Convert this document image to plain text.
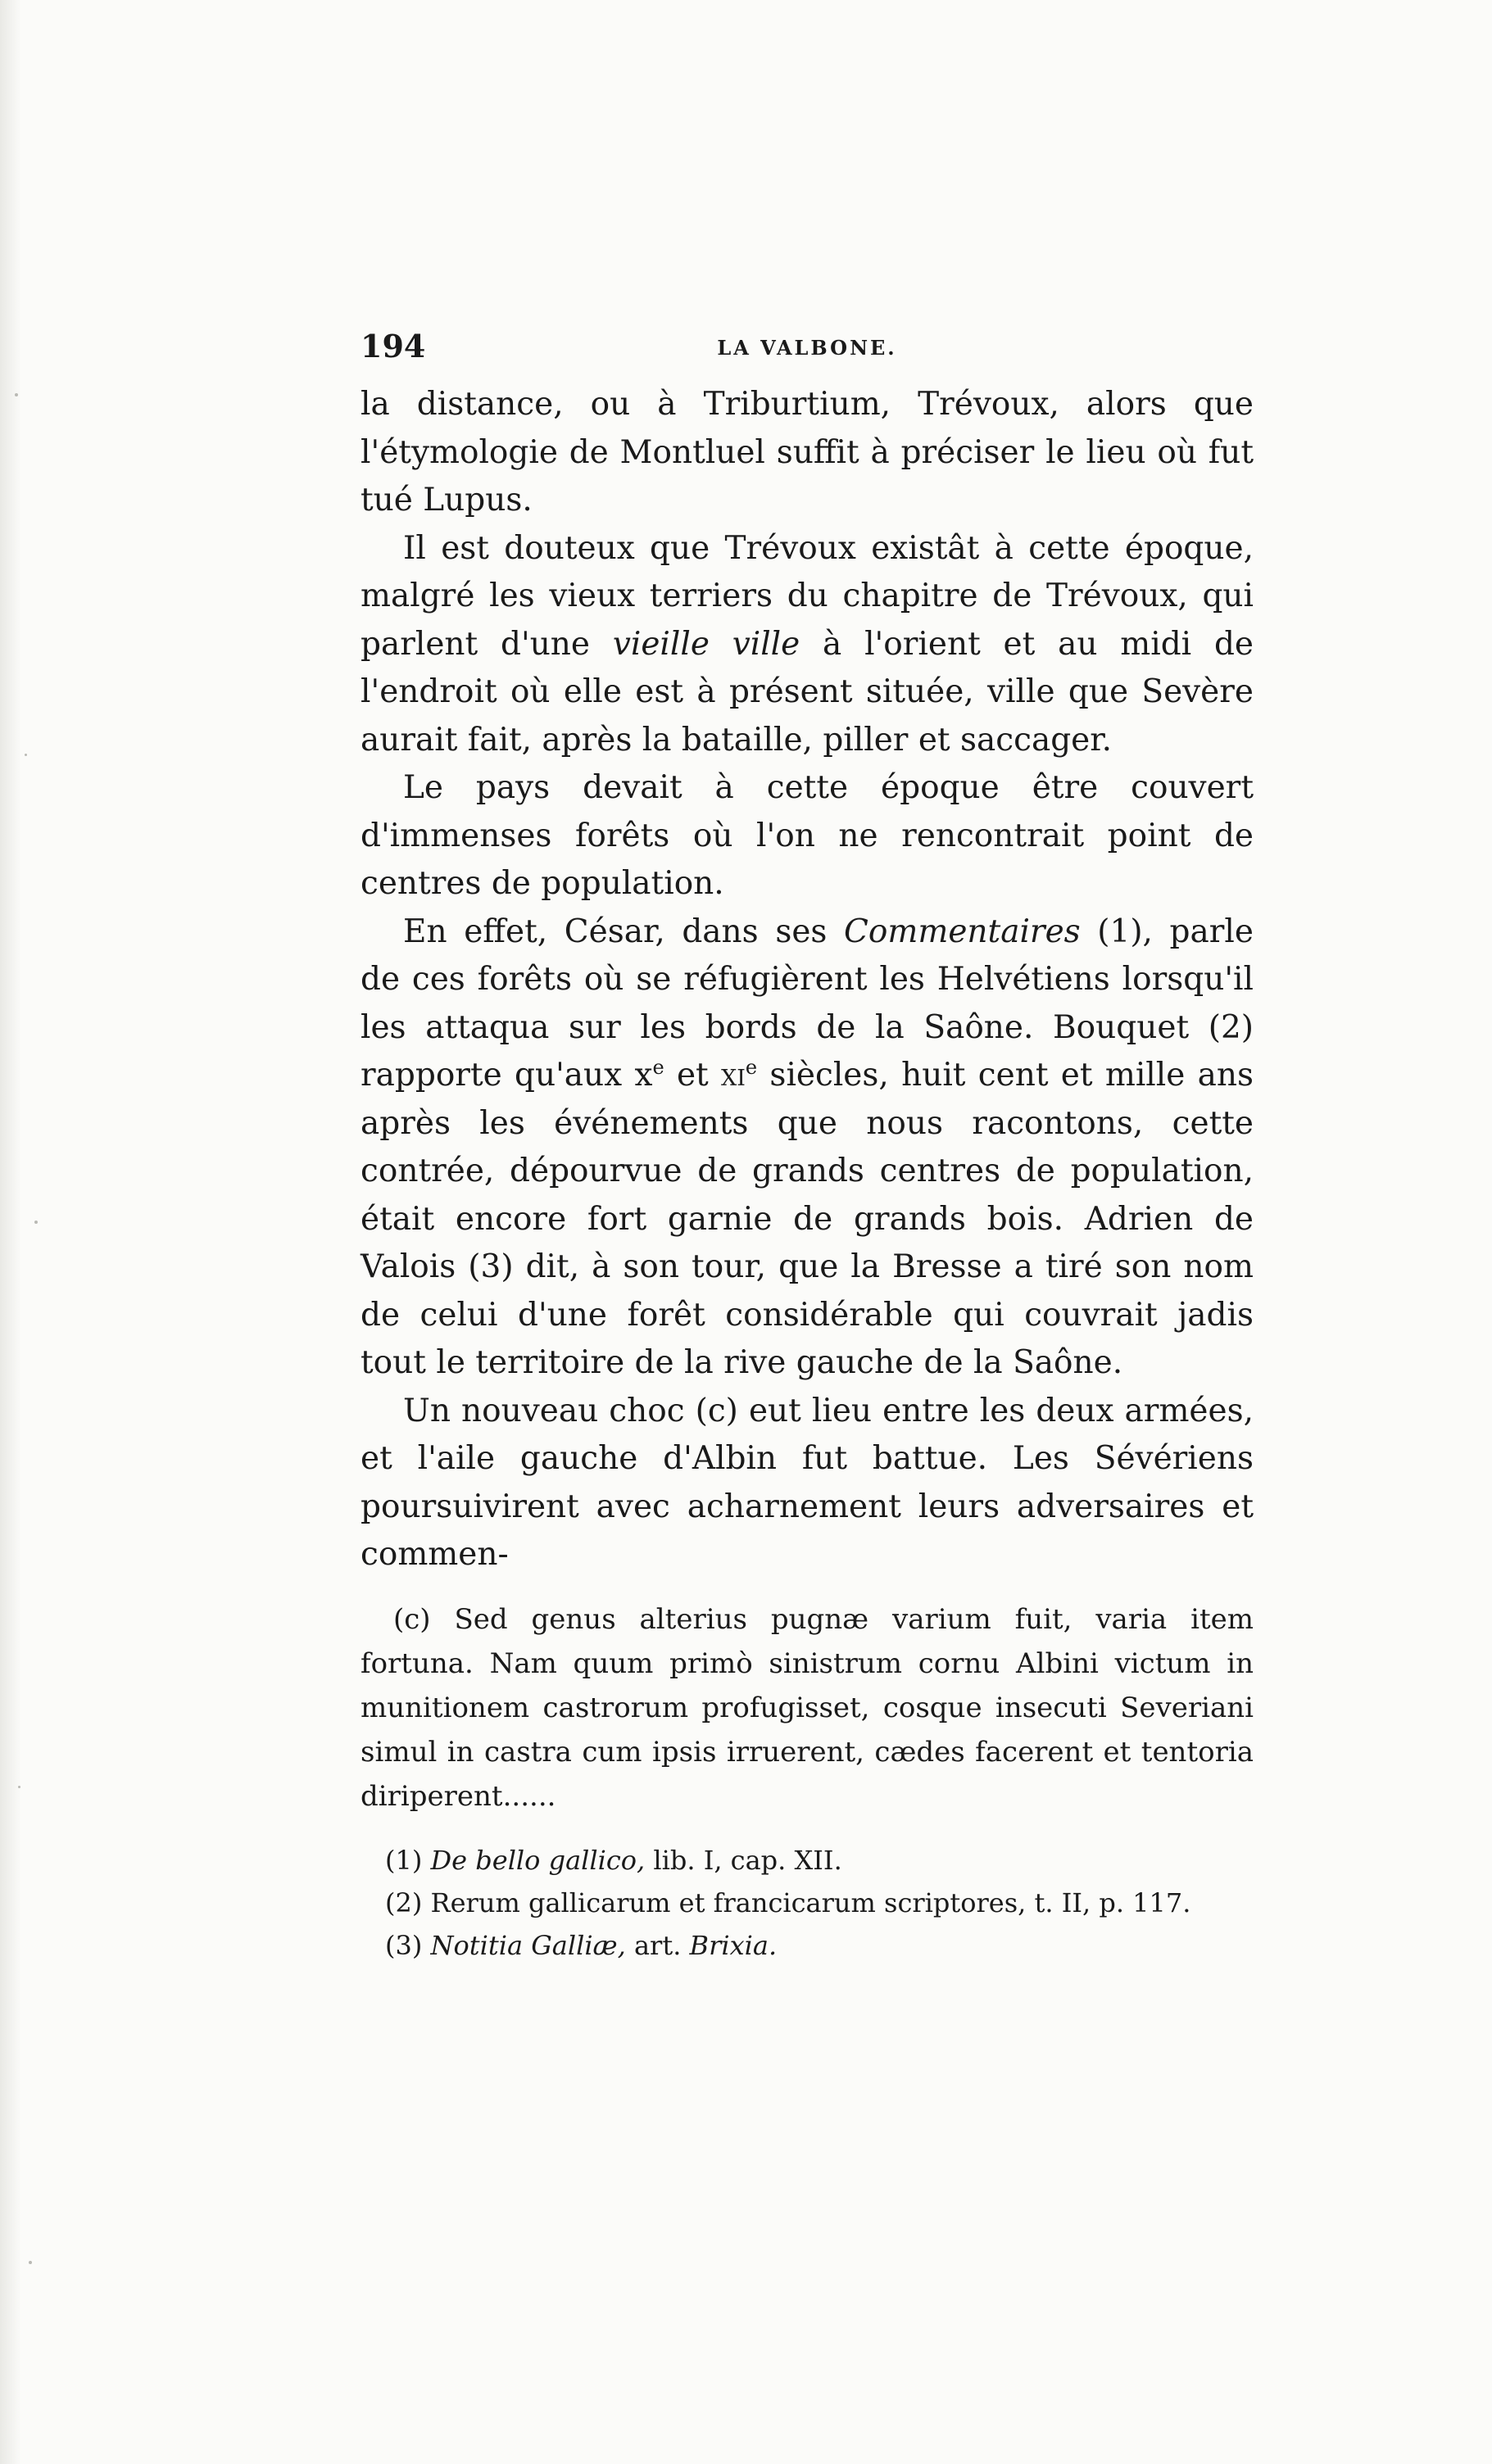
194	LA VALBONE.

la distance, ou à Triburtium, Trévoux, alors que l'étymologie de Montluel suffit à préciser le lieu où fut tué Lupus.

Il est douteux que Trévoux existât à cette époque, malgré les vieux terriers du chapitre de Trévoux, qui parlent d'une vieille ville à l'orient et au midi de l'endroit où elle est à présent située, ville que Sevère aurait fait, après la bataille, piller et saccager.

Le pays devait à cette époque être couvert d'immenses forêts où l'on ne rencontrait point de centres de population.

En effet, César, dans ses Commentaires (1), parle de ces forêts où se réfugièrent les Helvétiens lorsqu'il les attaqua sur les bords de la Saône. Bouquet (2) rapporte qu'aux $x^e$ et $xi^e$ siècles, huit cent et mille ans après les événements que nous racontons, cette contrée, dépourvue de grands centres de population, était encore fort garnie de grands bois. Adrien de Valois (3) dit, à son tour, que la Bresse a tiré son nom de celui d'une forêt considérable qui couvrait jadis tout le territoire de la rive gauche de la Saône.

Un nouveau choc (c) eut lieu entre les deux armées, et l'aile gauche d'Albin fut battue. Les Sévériens poursuivirent avec acharnement leurs adversaires et commen-

(c) Sed genus alterius pugnæ varium fuit, varia item fortuna. Nam quum primò sinistrum cornu Albini victum in munitionem castrorum profugisset, cosque insecuti Severiani simul in castra cum ipsis irruerent, cædes facerent et tentoria diriperent......

(1) De bello gallico, lib. I, cap. XII.

(2) Rerum gallicarum et francicarum scriptores, t. II, p. 117.

(3) Notitia Galliæ, art. Brixia.
